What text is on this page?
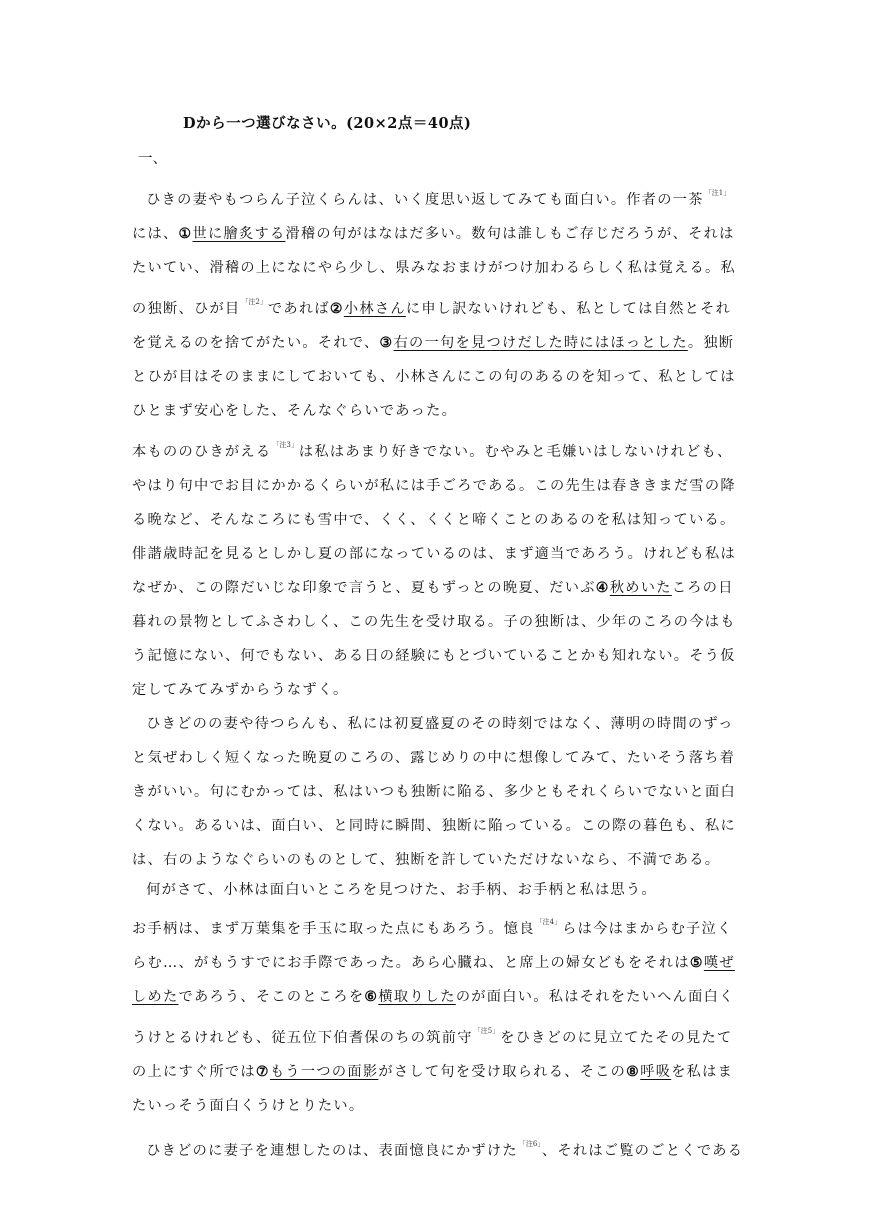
Dから一つ選びなさい。(20×2点＝40点)
一、

ひきの妻やもつらん子泣くらんは、いく度思い返してみても面白い。作者の一茶$^{「注1」}$には、①世に膾炙する滑稽の句がはなはだ多い。数句は誰しもご存じだろうが、それはたいてい、滑稽の上になにやら少し、県みなおまけがつけ加わるらしく私は覚える。私の独断、ひが目$^{「注2」}$であれば②小林さんに申し訳ないけれども、私としては自然とそれを覚えるのを捨てがたい。それで、③右の一句を見つけだした時にはほっとした。独断とひが目はそのままにしておいても、小林さんにこの句のあるのを知って、私としてはひとまず安心をした、そんなぐらいであった。

本もののひきがえる$^{「注3」}$は私はあまり好きでない。むやみと毛嫌いはしないけれども、やはり句中でお目にかかるくらいが私には手ごろである。この先生は春ききまだ雪の降る晩など、そんなころにも雪中で、くく、くくと啼くことのあるのを私は知っている。俳諧歳時記を見るとしかし夏の部になっているのは、まず適当であろう。けれども私はなぜか、この際だいじな印象で言うと、夏もずっとの晩夏、だいぶ④秋めいたころの日暮れの景物としてふさわしく、この先生を受け取る。子の独断は、少年のころの今はもう記憶にない、何でもない、ある日の経験にもとづいていることかも知れない。そう仮定してみてみずからうなずく。

ひきどのの妻や待つらんも、私には初夏盛夏のその時刻ではなく、薄明の時間のずっと気ぜわしく短くなった晩夏のころの、露じめりの中に想像してみて、たいそう落ち着きがいい。句にむかっては、私はいつも独断に陥る、多少ともそれくらいでないと面白くない。あるいは、面白い、と同時に瞬間、独断に陥っている。この際の暮色も、私には、右のようなぐらいのものとして、独断を許していただけないなら、不満である。

何がさて、小林は面白いところを見つけた、お手柄、お手柄と私は思う。

お手柄は、まず万葉集を手玉に取った点にもあろう。憶良$^{「注4」}$らは今はまからむ子泣くらむ…、がもうすでにお手際であった。あら心臓ね、と席上の婦女どもをそれは⑤嘆ぜしめたであろう、そこのところを⑥横取りしたのが面白い。私はそれをたいへん面白くうけとるけれども、従五位下伯耆保のちの筑前守$^{「注5」}$をひきどのに見立てたその見たての上にすぐ所では⑦もう一つの面影がさして句を受け取られる、そこの⑧呼吸を私はまたいっそう面白くうけとりたい。

ひきどのに妻子を連想したのは、表面憶良にかずけた$^{「注6」}$、それはご覧のごとくである
